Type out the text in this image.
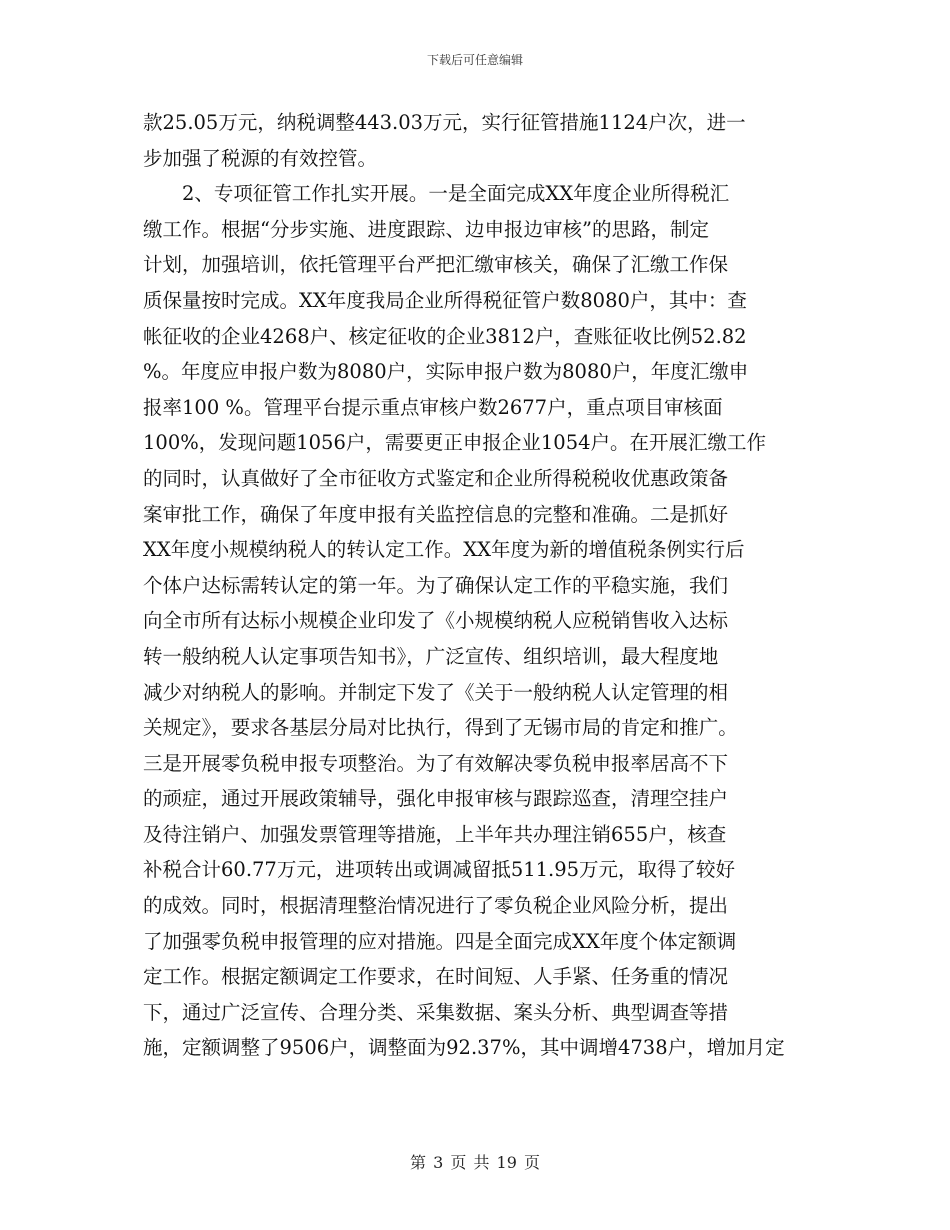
下载后可任意编辑
款25.05万元，纳税调整443.03万元，实行征管措施1124户次，进一
步加强了税源的有效控管。
　　2、专项征管工作扎实开展。一是全面完成XX年度企业所得税汇
缴工作。根据“分步实施、进度跟踪、边申报边审核”的思路，制定
计划，加强培训，依托管理平台严把汇缴审核关，确保了汇缴工作保
质保量按时完成。XX年度我局企业所得税征管户数8080户，其中：查
帐征收的企业4268户、核定征收的企业3812户，查账征收比例52.82
%。年度应申报户数为8080户，实际申报户数为8080户，年度汇缴申
报率100 %。管理平台提示重点审核户数2677户，重点项目审核面
100%，发现问题1056户，需要更正申报企业1054户。在开展汇缴工作
的同时，认真做好了全市征收方式鉴定和企业所得税税收优惠政策备
案审批工作，确保了年度申报有关监控信息的完整和准确。二是抓好
XX年度小规模纳税人的转认定工作。XX年度为新的增值税条例实行后
个体户达标需转认定的第一年。为了确保认定工作的平稳实施，我们
向全市所有达标小规模企业印发了《小规模纳税人应税销售收入达标
转一般纳税人认定事项告知书》，广泛宣传、组织培训，最大程度地
减少对纳税人的影响。并制定下发了《关于一般纳税人认定管理的相
关规定》，要求各基层分局对比执行，得到了无锡市局的肯定和推广。
三是开展零负税申报专项整治。为了有效解决零负税申报率居高不下
的顽症，通过开展政策辅导，强化申报审核与跟踪巡查，清理空挂户
及待注销户、加强发票管理等措施，上半年共办理注销655户，核查
补税合计60.77万元，进项转出或调减留抵511.95万元，取得了较好
的成效。同时，根据清理整治情况进行了零负税企业风险分析，提出
了加强零负税申报管理的应对措施。四是全面完成XX年度个体定额调
定工作。根据定额调定工作要求，在时间短、人手紧、任务重的情况
下，通过广泛宣传、合理分类、采集数据、案头分析、典型调查等措
施，定额调整了9506户，调整面为92.37%，其中调增4738户，增加月定
第 3 页 共 19 页
